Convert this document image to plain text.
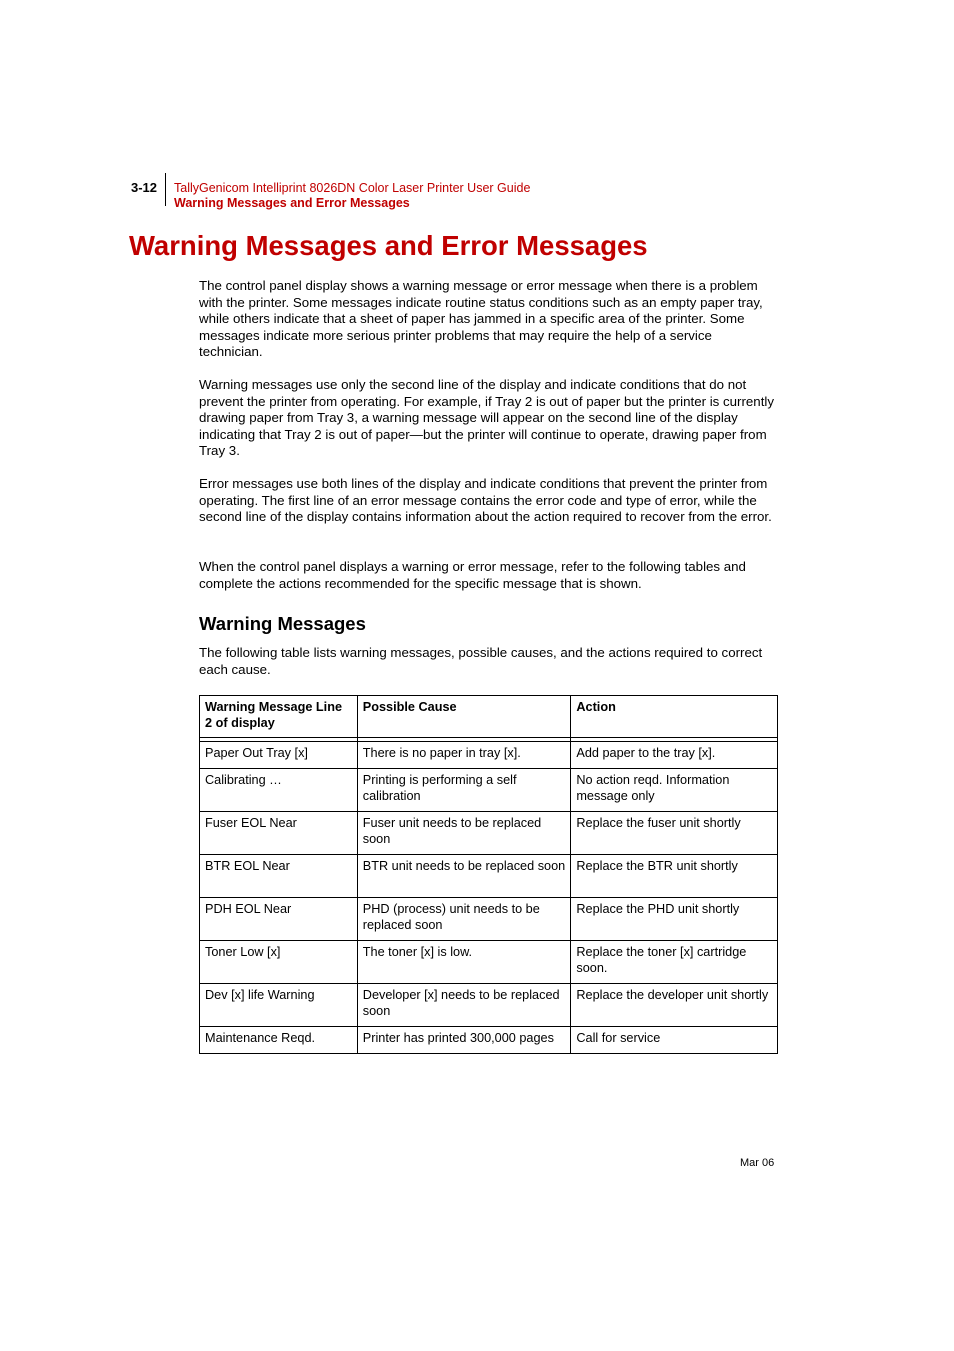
3-12 TallyGenicom Intelliprint 8026DN Color Laser Printer User Guide
Warning Messages and Error Messages
Warning Messages and Error Messages

The control panel display shows a warning message or error message when there is a problem with the printer. Some messages indicate routine status conditions such as an empty paper tray, while others indicate that a sheet of paper has jammed in a specific area of the printer. Some messages indicate more serious printer problems that may require the help of a service technician.

Warning messages use only the second line of the display and indicate conditions that do not prevent the printer from operating. For example, if Tray 2 is out of paper but the printer is currently drawing paper from Tray 3, a warning message will appear on the second line of the display indicating that Tray 2 is out of paper—but the printer will continue to operate, drawing paper from Tray 3.

Error messages use both lines of the display and indicate conditions that prevent the printer from operating. The first line of an error message contains the error code and type of error, while the second line of the display contains information about the action required to recover from the error.

When the control panel displays a warning or error message, refer to the following tables and complete the actions recommended for the specific message that is shown.

Warning Messages

The following table lists warning messages, possible causes, and the actions required to correct each cause.

Warning Message Line 2 of display	Possible Cause	Action

Paper Out Tray [x]	There is no paper in tray [x].	Add paper to the tray [x].
Calibrating …	Printing is performing a self calibration	No action reqd. Information message only
Fuser EOL Near	Fuser unit needs to be replaced soon	Replace the fuser unit shortly
BTR EOL Near	BTR unit needs to be replaced soon	Replace the BTR unit shortly
PDH EOL Near	PHD (process) unit needs to be replaced soon	Replace the PHD unit shortly
Toner Low [x]	The toner [x] is low.	Replace the toner [x] cartridge soon.
Dev [x] life Warning	Developer [x] needs to be replaced soon	Replace the developer unit shortly
Maintenance Reqd.	Printer has printed 300,000 pages	Call for service
Mar 06
